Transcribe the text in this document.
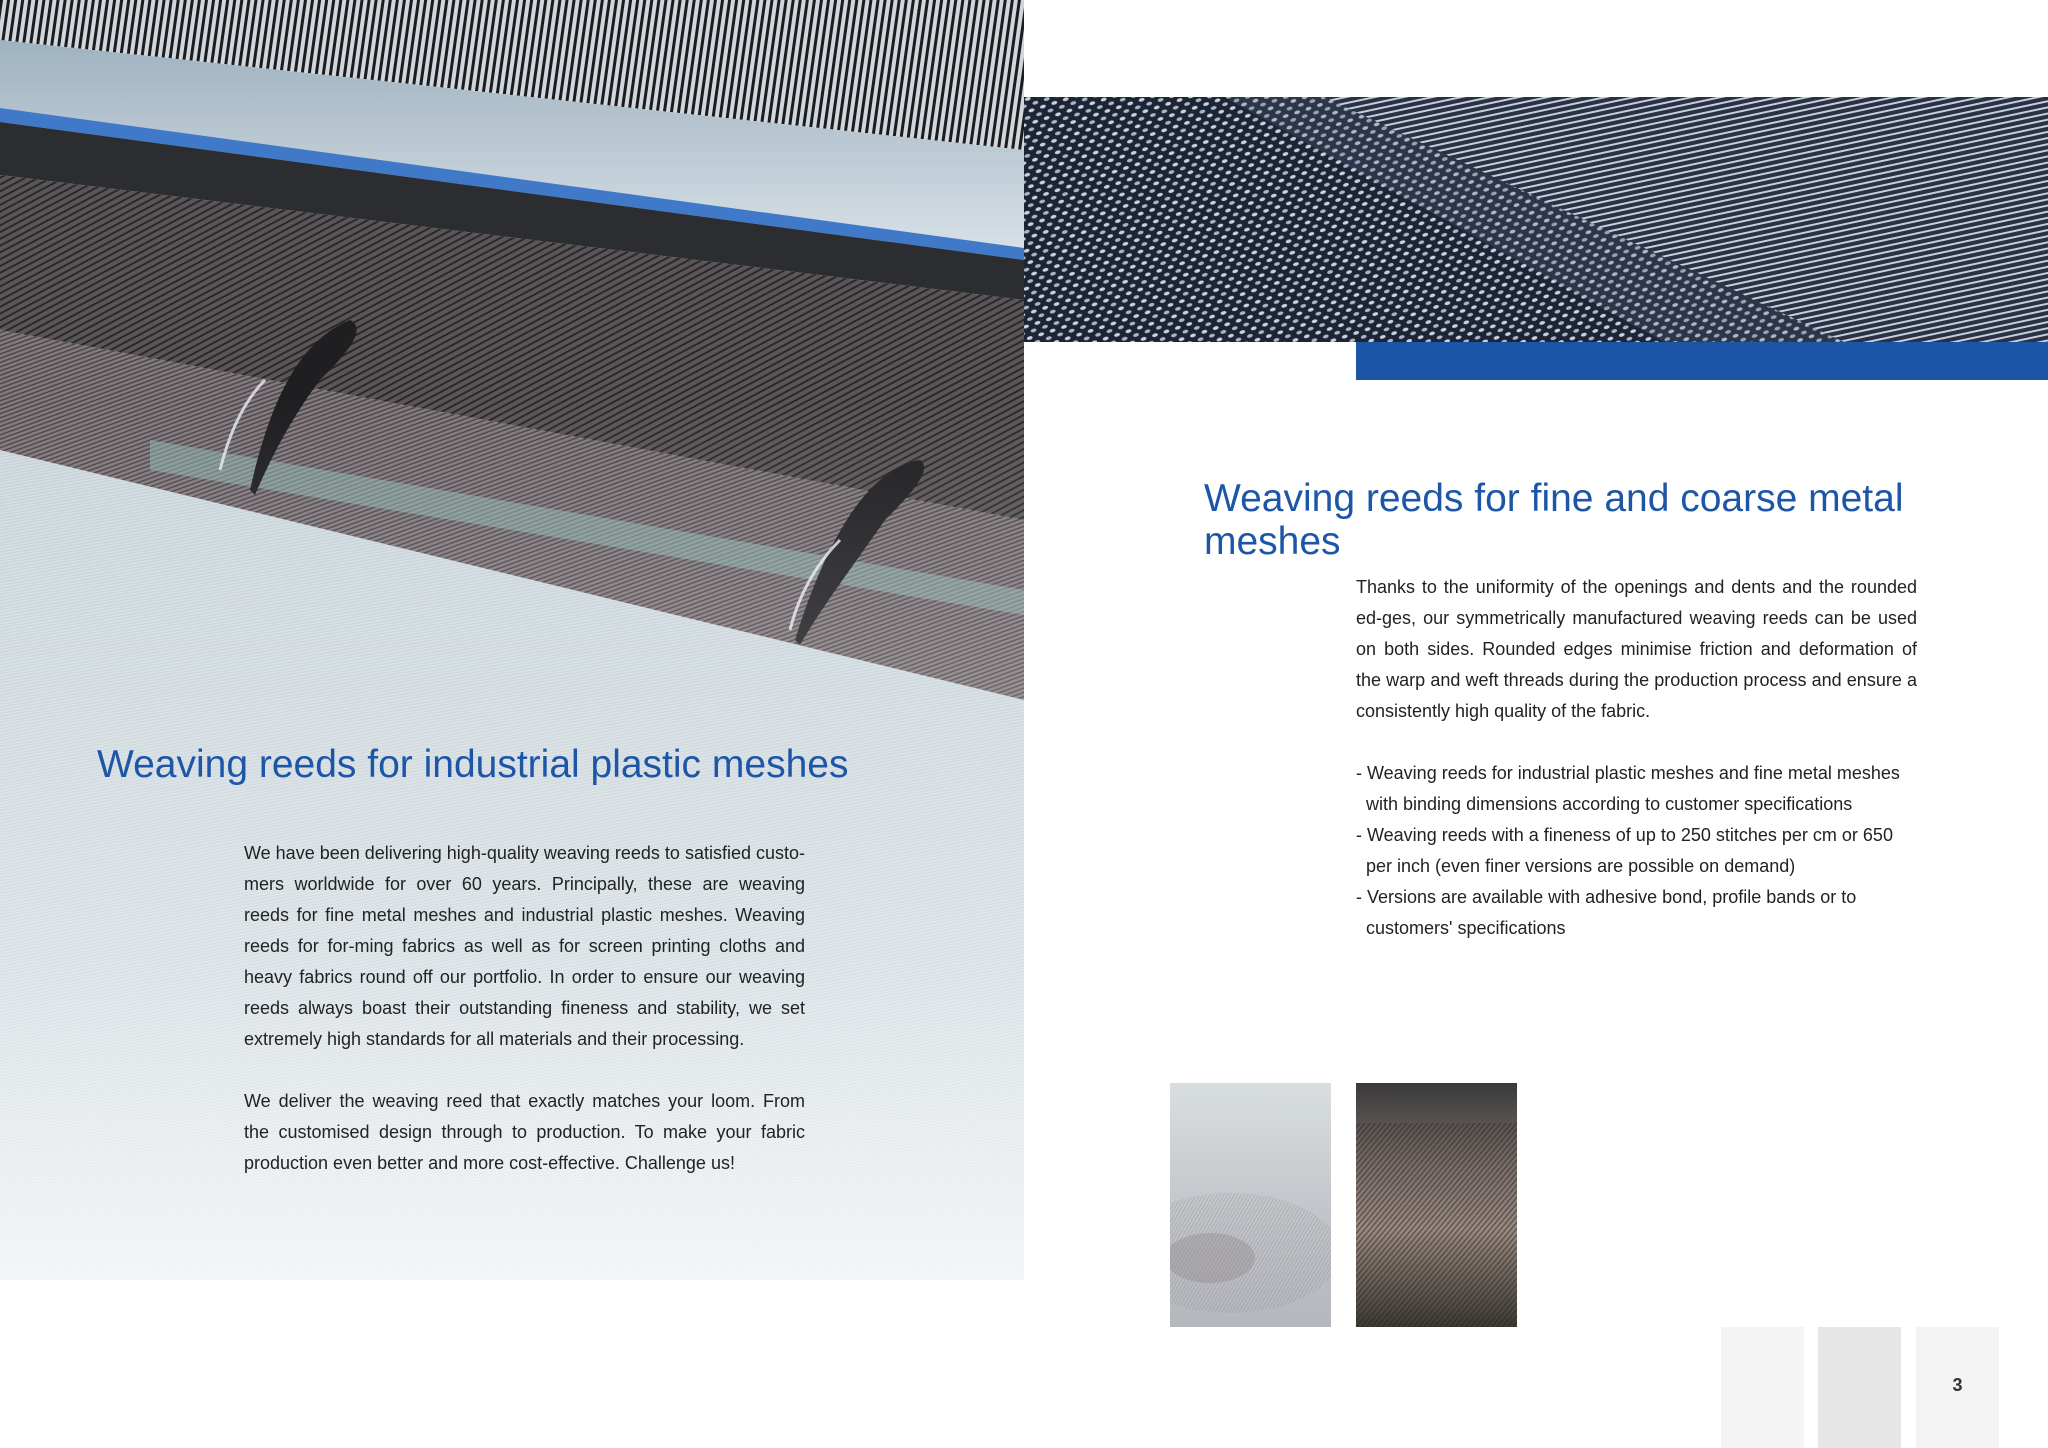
Weaving reeds for industrial plastic meshes

We have been delivering high-quality weaving reeds to satisfied custo-mers worldwide for over 60 years. Principally, these are weaving reeds for fine metal meshes and industrial plastic meshes. Weaving reeds for for-ming fabrics as well as for screen printing cloths and heavy fabrics round off our portfolio. In order to ensure our weaving reeds always boast their outstanding fineness and stability, we set extremely high standards for all materials and their processing.

We deliver the weaving reed that exactly matches your loom. From the customised design through to production. To make your fabric production even better and more cost-effective. Challenge us!

Weaving reeds for fine and coarse metal meshes

Thanks to the uniformity of the openings and dents and the rounded ed-ges, our symmetrically manufactured weaving reeds can be used on both sides. Rounded edges minimise friction and deformation of the warp and weft threads during the production process and ensure a consistently high quality of the fabric.

- Weaving reeds for industrial plastic meshes and fine metal meshes
with binding dimensions according to customer specifications
- Weaving reeds with a fineness of up to 250 stitches per cm or 650
per inch (even finer versions are possible on demand)
- Versions are available with adhesive bond, profile bands or to
customers' specifications
3
